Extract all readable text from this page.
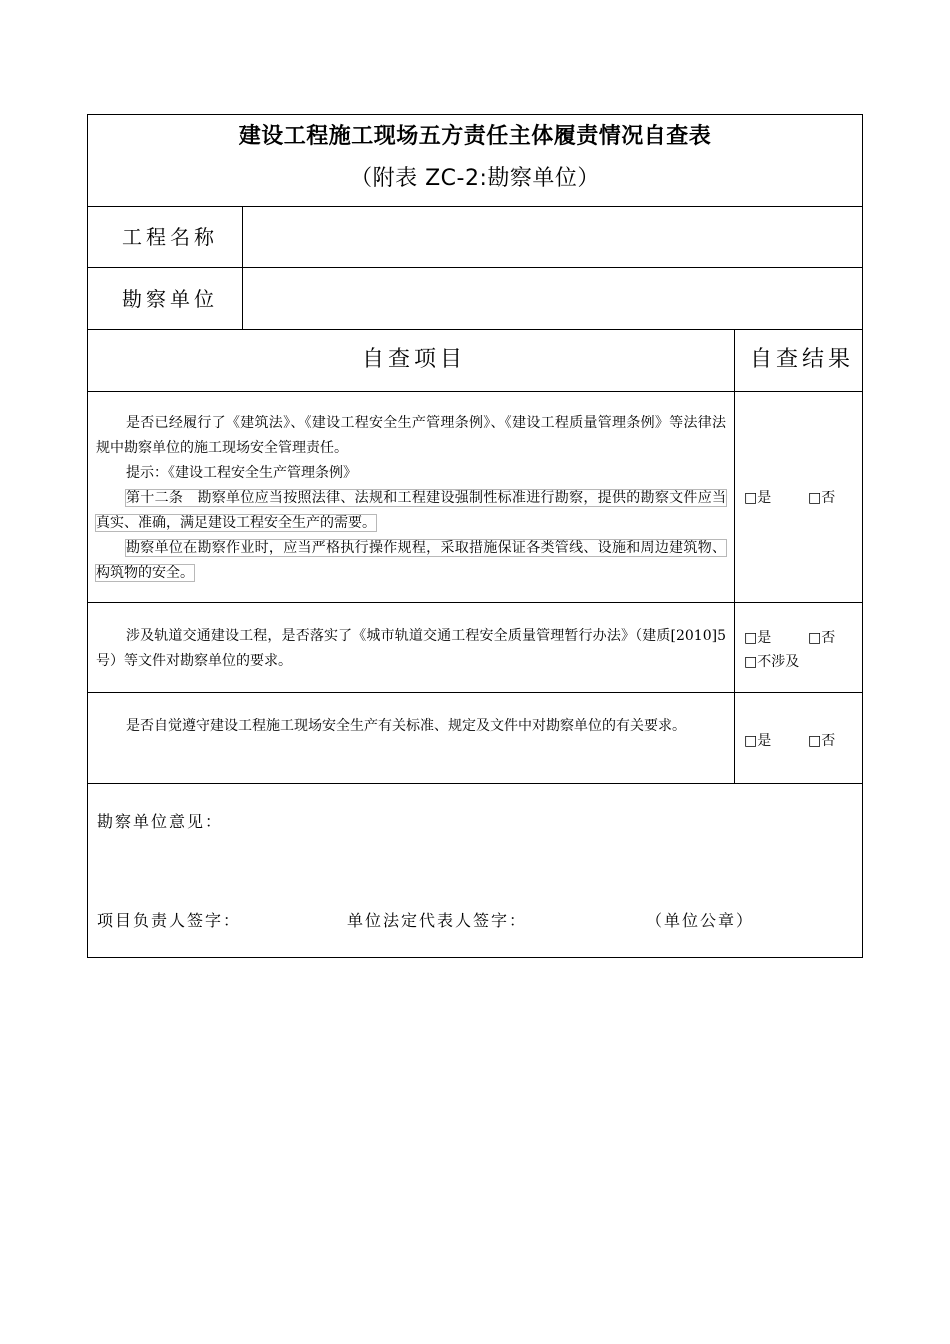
建设工程施工现场五方责任主体履责情况自查表
（附表 ZC-2:勘察单位）
工程名称
勘察单位
自查项目	自查结果

是否已经履行了《建筑法》、《建设工程安全生产管理条例》、《建设工程质量管理条例》等法律法规中勘察单位的施工现场安全管理责任。

提示：《建设工程安全生产管理条例》

第十二条　勘察单位应当按照法律、法规和工程建设强制性标准进行勘察，提供的勘察文件应当真实、准确，满足建设工程安全生产的需要。

勘察单位在勘察作业时，应当严格执行操作规程，采取措施保证各类管线、设施和周边建筑物、构筑物的安全。

□是	□否

涉及轨道交通建设工程，是否落实了《城市轨道交通工程安全质量管理暂行办法》（建质[2010]5 号）等文件对勘察单位的要求。

□是	□否
□不涉及

是否自觉遵守建设工程施工现场安全生产有关标准、规定及文件中对勘察单位的有关要求。

□是	□否
勘察单位意见：
项目负责人签字：	单位法定代表人签字：	（单位公章）
